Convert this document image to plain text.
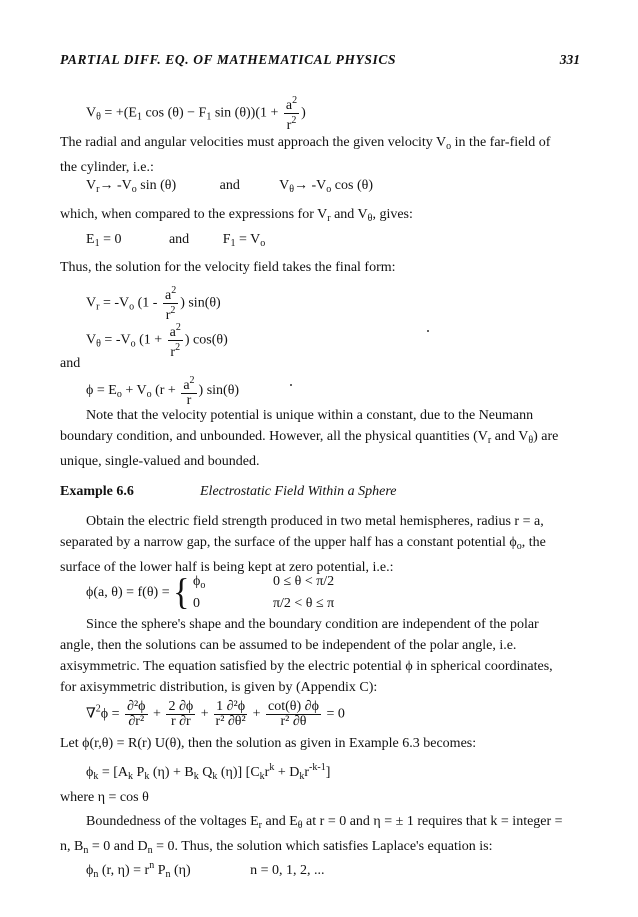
PARTIAL DIFF. EQ. OF MATHEMATICAL PHYSICS	331
$V_\theta = +(E_1$ $\cos (\theta) - F_1$ $\sin (\theta))(1 + \frac{a^2}{r^2}$ )
The radial and angular velocities must approach the given velocity $V_o$ in the far-field of
the cylinder, i.e.:
$V_r\to -V_o$ sin (θ)	and	$V_\theta\to -V_o$ cos (θ)
which, when compared to the expressions for $V_r$ and $V_\theta$, gives:
$E_1 = 0$	and $F_1 = V_o$
Thus, the solution for the velocity field takes the final form:
$V_r = -V_o$ ($1 - \frac{a^2}{r^2}$ ) sin(θ)
$V_\theta = -V_o$ ($1 + \frac{a^2}{r^2}$ ) cos(θ)
and
$\phi = E_o + V_o$ ($r + \frac{a^2}{r}$ ) sin(θ)
Note that the velocity potential is unique within a constant, due to the Neumann
boundary condition, and unbounded. However, all the physical quantities ($V_r$ and $V_\theta$) are
unique, single-valued and bounded.
Example 6.6	Electrostatic Field Within a Sphere
Obtain the electric field strength produced in two metal hemispheres, radius r = a,
separated by a narrow gap, the surface of the upper half has a constant potential $\phi_o$, the
surface of the lower half is being kept at zero potential, i.e.:
ϕ(a, θ) = f(θ) = { $\phi_o$	0 ≤ θ < π/2
0	π/2 < θ ≤ π
Since the sphere's shape and the boundary condition are independent of the polar
angle, then the solutions can be assumed to be independent of the polar angle, i.e.
axisymmetric. The equation satisfied by the electric potential ϕ in spherical coordinates,
for axisymmetric distribution, is given by (Appendix C):
$\nabla^2\phi = \frac{\text{∂²ϕ}}{\text{∂r²}} + \frac{2 \partial\phi}{r \partial r} + \frac{\text{1 ∂²ϕ}}{\text{r² ∂θ²}} + \frac{\cot(\theta) \partial\phi}{\text{r² ∂θ}} = 0$
Let ϕ(r,θ) = R(r) U(θ), then the solution as given in Example 6.3 becomes:
$\phi_k = [A_k$ $P_k$ $(\eta) + B_k$ $Q_k$ (η)] $[C_kr^k + D_kr^{-k-1}]$
where η = cos θ
Boundedness of the voltages $E_r$ and $E_\theta$ at r = 0 and η = ± 1 requires that k = integer =
n, $B_n = 0$ and $D_n = 0$. Thus, the solution which satisfies Laplace's equation is:
$\phi_n$ (r, $\eta) = r^n$ $P_n$ (η)	n = 0, 1, 2, ...
